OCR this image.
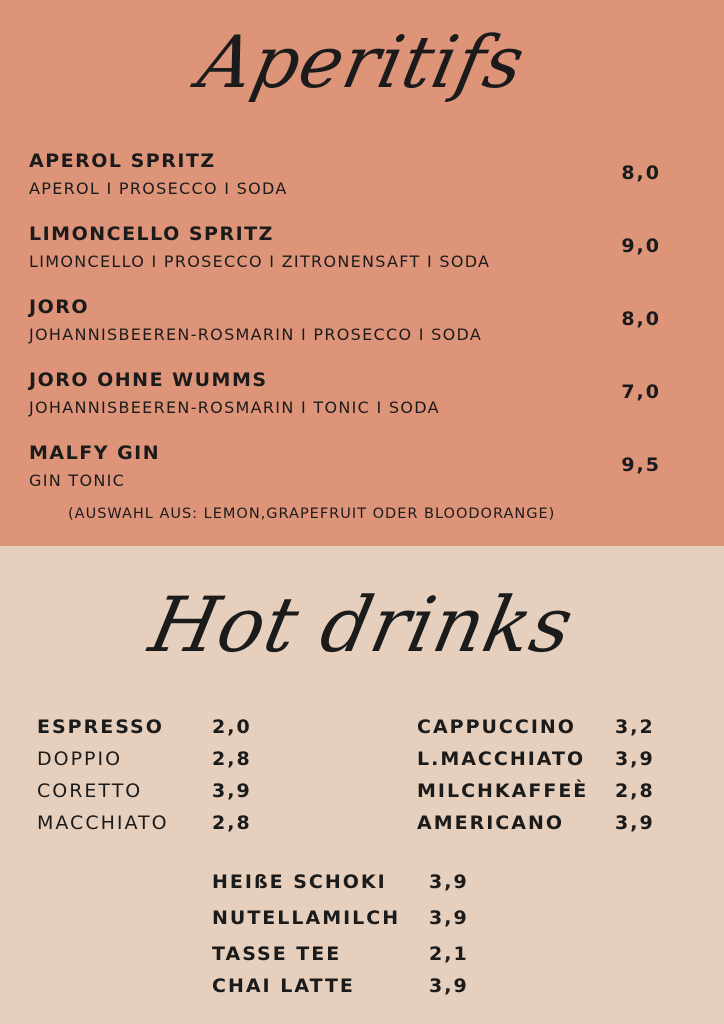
Aperitifs
APEROL SPRITZ
APEROL I PROSECCO I SODA
8,0
LIMONCELLO SPRITZ
LIMONCELLO I PROSECCO I ZITRONENSAFT I SODA
9,0
JORO
JOHANNISBEEREN-ROSMARIN I PROSECCO I SODA
8,0
JORO OHNE WUMMS
JOHANNISBEEREN-ROSMARIN I TONIC I SODA
7,0
MALFY GIN
GIN TONIC
9,5
(AUSWAHL AUS: LEMON,GRAPEFRUIT ODER BLOODORANGE)
Hot drinks
ESPRESSO	2,0
DOPPIO	2,8
CORETTO	3,9
MACCHIATO 2,8
CAPPUCCINO 3,2
L.MACCHIATO 3,9
MILCHKAFFEÈ 2,8
AMERICANO	3,9
HEIßE SCHOKI 3,9
NUTELLAMILCH 3,9
TASSE TEE	2,1
CHAI LATTE	3,9
